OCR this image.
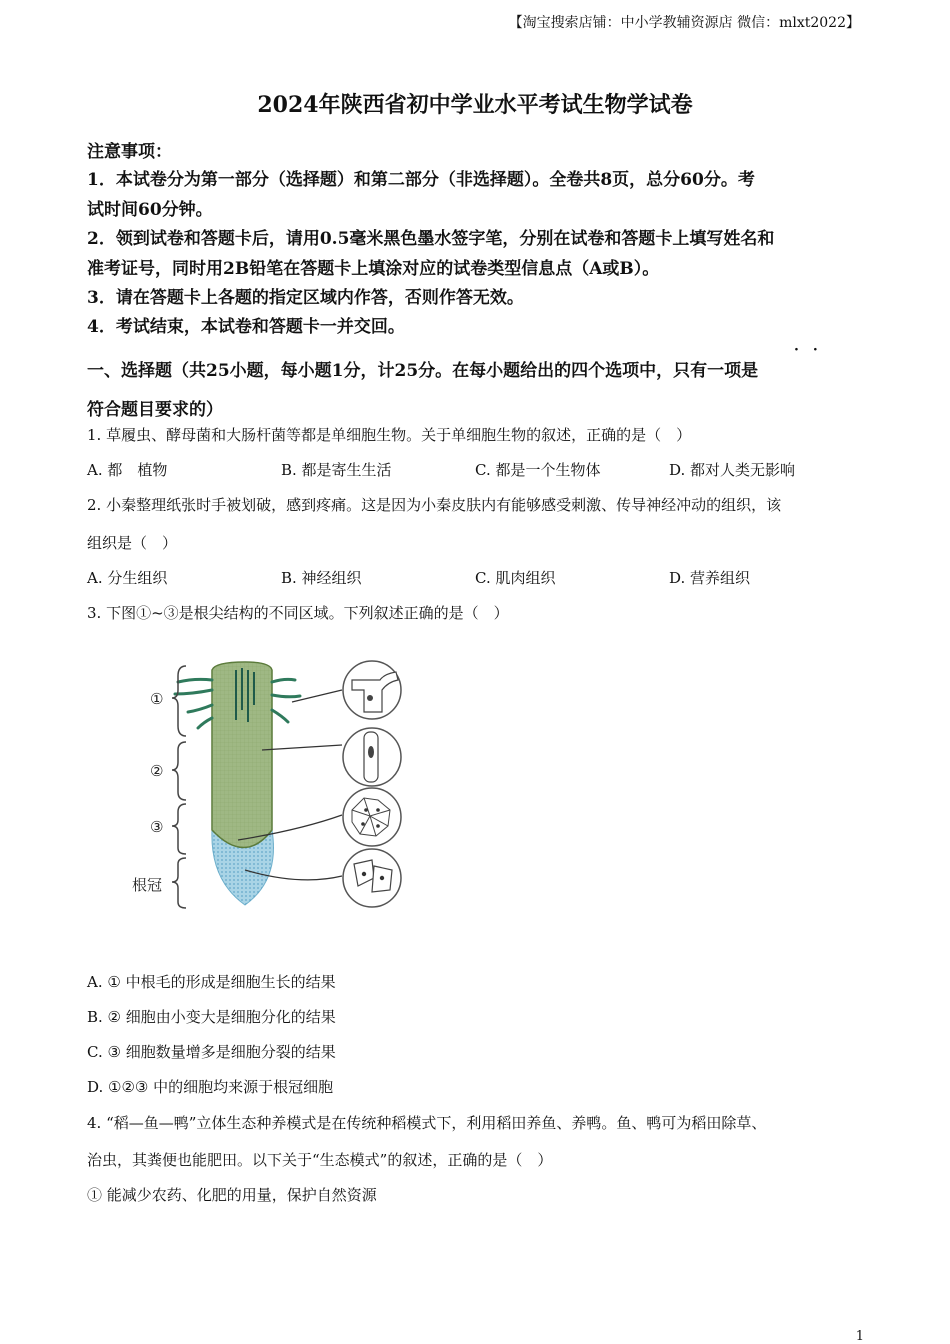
【淘宝搜索店铺：中小学教辅资源店 微信：mlxt2022】
2024年陕西省初中学业水平考试生物学试卷
注意事项：
1．本试卷分为第一部分（选择题）和第二部分（非选择题）。全卷共8页，总分60分。考
试时间60分钟。
2．领到试卷和答题卡后，请用0.5毫米黑色墨水签字笔，分别在试卷和答题卡上填写姓名和
准考证号，同时用2B铅笔在答题卡上填涂对应的试卷类型信息点（A或B）。
3．请在答题卡上各题的指定区域内作答，否则作答无效。
4．考试结束，本试卷和答题卡一并交回。
··
一、选择题（共25小题，每小题1分，计25分。在每小题给出的四个选项中，只有一项是
符合题目要求的）
1. 草履虫、酵母菌和大肠杆菌等都是单细胞生物。关于单细胞生物的叙述，正确的是（　）
A. 都　植物	B. 都是寄生生活	C. 都是一个生物体	D. 都对人类无影响
2. 小秦整理纸张时手被划破，感到疼痛。这是因为小秦皮肤内有能够感受刺激、传导神经冲动的组织，该
组织是（　）
A. 分生组织	B. 神经组织	C. 肌肉组织	D. 营养组织
3. 下图①~③是根尖结构的不同区域。下列叙述正确的是（　）
①
②
③
根冠
A. ① 中根毛的形成是细胞生长的结果
B. ② 细胞由小变大是细胞分化的结果
C. ③ 细胞数量增多是细胞分裂的结果
D. ①②③ 中的细胞均来源于根冠细胞
4. “稻—鱼—鸭”立体生态种养模式是在传统种稻模式下，利用稻田养鱼、养鸭。鱼、鸭可为稻田除草、
治虫，其粪便也能肥田。以下关于“生态模式”的叙述，正确的是（　）
① 能减少农药、化肥的用量，保护自然资源
1
